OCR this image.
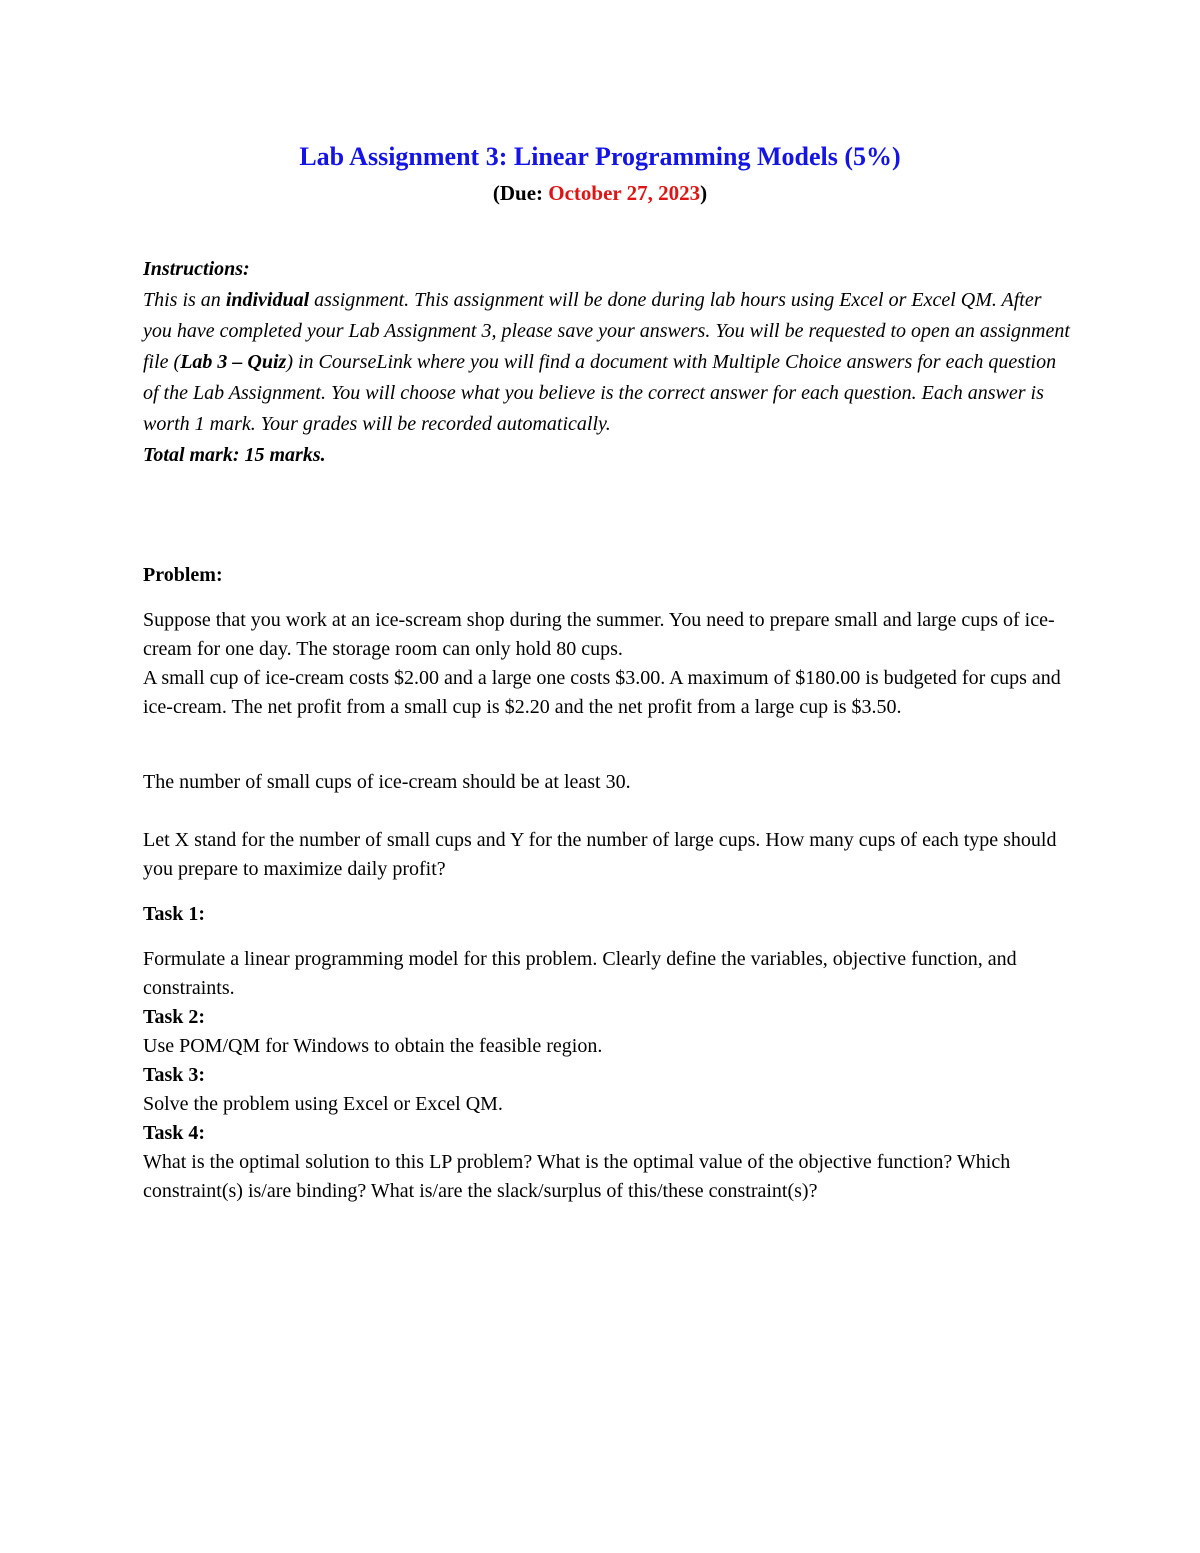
Lab Assignment 3: Linear Programming Models (5%)
(Due: October 27, 2023)

Instructions:

This is an individual assignment. This assignment will be done during lab hours using Excel or Excel QM. After you have completed your Lab Assignment 3, please save your answers. You will be requested to open an assignment file (Lab 3 – Quiz) in CourseLink where you will find a document with Multiple Choice answers for each question of the Lab Assignment. You will choose what you believe is the correct answer for each question. Each answer is worth 1 mark. Your grades will be recorded automatically.

Total mark: 15 marks.

Problem:

Suppose that you work at an ice-scream shop during the summer. You need to prepare small and large cups of ice-cream for one day. The storage room can only hold 80 cups.

A small cup of ice-cream costs $2.00 and a large one costs $3.00. A maximum of $180.00 is budgeted for cups and ice-cream. The net profit from a small cup is $2.20 and the net profit from a large cup is $3.50.

The number of small cups of ice-cream should be at least 30.

Let X stand for the number of small cups and Y for the number of large cups. How many cups of each type should you prepare to maximize daily profit?

Task 1:

Formulate a linear programming model for this problem. Clearly define the variables, objective function, and constraints.

Task 2:

Use POM/QM for Windows to obtain the feasible region.

Task 3:

Solve the problem using Excel or Excel QM.

Task 4:

What is the optimal solution to this LP problem? What is the optimal value of the objective function? Which constraint(s) is/are binding? What is/are the slack/surplus of this/these constraint(s)?
